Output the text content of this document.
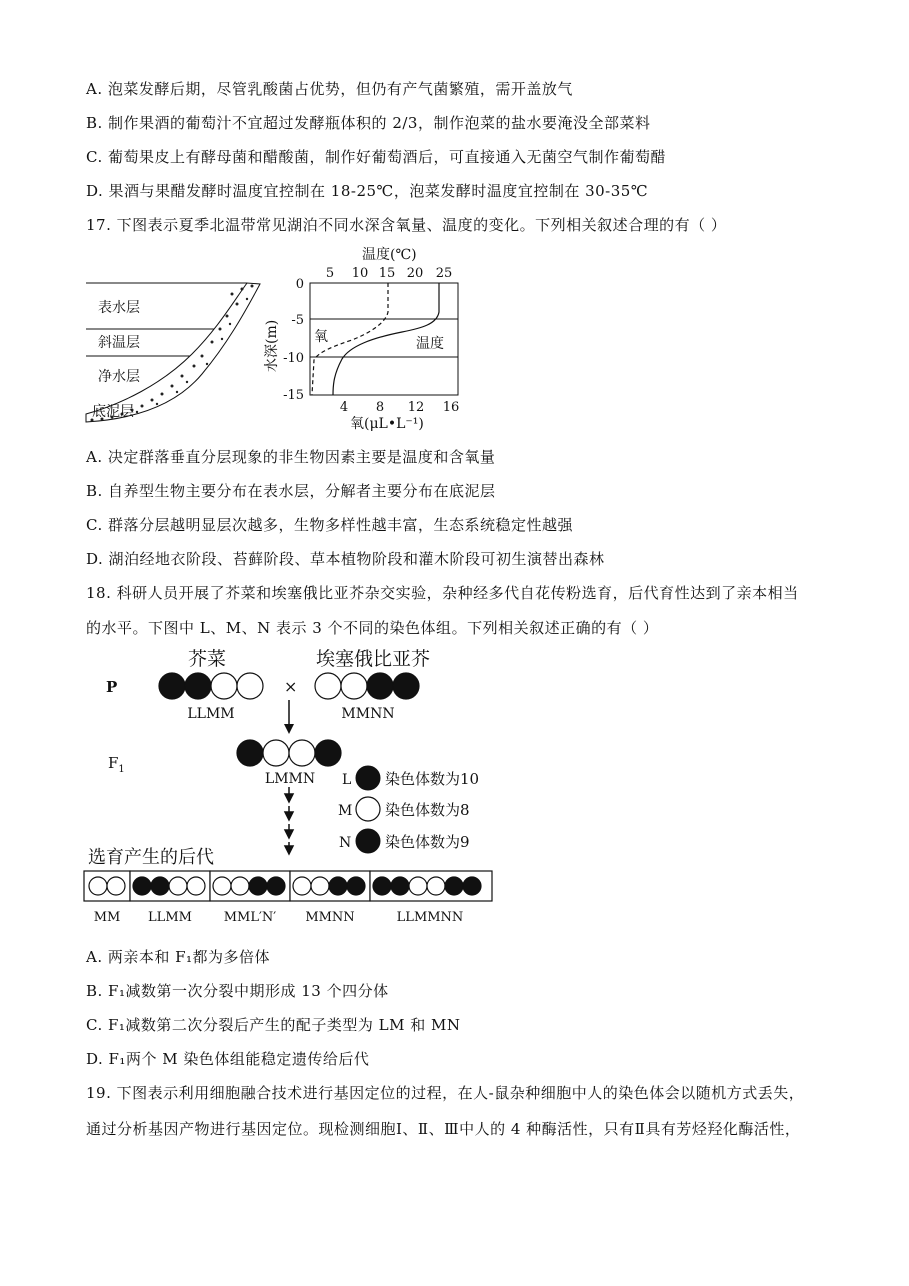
A. 泡菜发酵后期，尽管乳酸菌占优势，但仍有产气菌繁殖，需开盖放气
B. 制作果酒的葡萄汁不宜超过发酵瓶体积的 2/3，制作泡菜的盐水要淹没全部菜料
C. 葡萄果皮上有酵母菌和醋酸菌，制作好葡萄酒后，可直接通入无菌空气制作葡萄醋
D. 果酒与果醋发酵时温度宜控制在 18-25℃，泡菜发酵时温度宜控制在 30-35℃
17. 下图表示夏季北温带常见湖泊不同水深含氧量、温度的变化。下列相关叙述合理的有（ ）
表水层
斜温层
净水层
底泥层
温度(℃)
5 10 15 20 25
0
-5
-10
-15
水深(m) 氧	温度
4 8 12 16
氧(μL•L⁻¹)
A. 决定群落垂直分层现象的非生物因素主要是温度和含氧量
B. 自养型生物主要分布在表水层，分解者主要分布在底泥层
C. 群落分层越明显层次越多，生物多样性越丰富，生态系统稳定性越强
D. 湖泊经地衣阶段、苔藓阶段、草本植物阶段和灌木阶段可初生演替出森林
18. 科研人员开展了芥菜和埃塞俄比亚芥杂交实验，杂种经多代自花传粉选育，后代育性达到了亲本相当
的水平。下图中 L、M、N 表示 3 个不同的染色体组。下列相关叙述正确的有（ ）
芥菜	埃塞俄比亚芥
P	×
LLMM	MMNN
$F_1$
LMMN L 染色体数为10
M 染色体数为8
N 染色体数为9
选育产生的后代
MM LLMM MML′N′ MMNN	LLMMNN
A. 两亲本和 F₁都为多倍体
B. F₁减数第一次分裂中期形成 13 个四分体
C. F₁减数第二次分裂后产生的配子类型为 LM 和 MN
D. F₁两个 M 染色体组能稳定遗传给后代
19. 下图表示利用细胞融合技术进行基因定位的过程，在人-鼠杂种细胞中人的染色体会以随机方式丢失，
通过分析基因产物进行基因定位。现检测细胞Ⅰ、Ⅱ、Ⅲ中人的 4 种酶活性，只有Ⅱ具有芳烃羟化酶活性，
